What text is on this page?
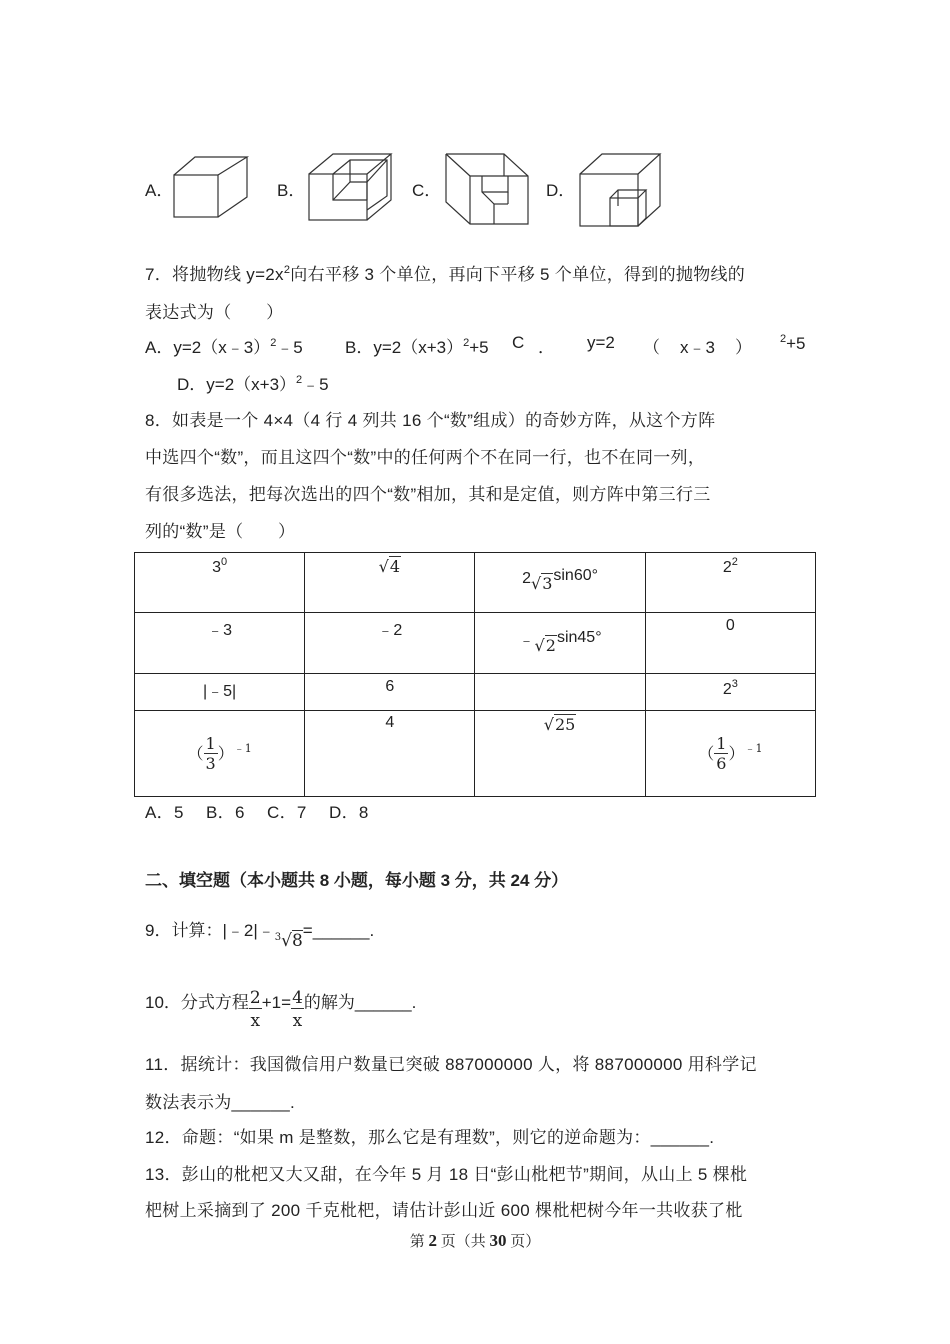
A．	B．	C．	D．
7．将抛物线 $y=2x^2$向右平移 3 个单位，再向下平移 5 个单位，得到的抛物线的
表达式为（　　）
A．y=2（x﹣3）$^2$﹣5 B．$y=2(x+3)^2+5$ C ． y=2 （ x﹣3 ）	$^2$+5
D．$y=2(x+3)^2﹣5$
8．如表是一个 4×4（4 行 4 列共 16 个“数”组成）的奇妙方阵，从这个方阵
中选四个“数”，而且这四个“数”中的任何两个不在同一行，也不在同一列，
有很多选法，把每次选出的四个“数”相加，其和是定值，则方阵中第三行三
列的“数”是（　　）
$3^0$	√4	2√3sin60°	$2^2$

﹣3	﹣2	﹣√2sin45°	0

|﹣5|	6		$2^3$

（ $\frac{1}{3} )^{﹣1}$	4	√25	（ $\frac{1}{6} )^{﹣1}$
A．5　 B．6　 C．7　 D．8
二、填空题（本小题共 8 小题，每小题 3 分，共 24 分）
9．计算：|﹣2|﹣$^3$√8=______.
10．分式方程 $\frac{2}{x} +1= \frac{4}{x}$ 的解为______.
11．据统计：我国微信用户数量已突破 887000000 人，将 887000000 用科学记
数法表示为______.
12．命题：“如果 m 是整数，那么它是有理数”，则它的逆命题为：______.
13．彭山的枇杷又大又甜，在今年 5 月 18 日“彭山枇杷节”期间，从山上 5 棵枇
杷树上采摘到了 200 千克枇杷，请估计彭山近 600 棵枇杷树今年一共收获了枇
第 2 页（共 30 页）
